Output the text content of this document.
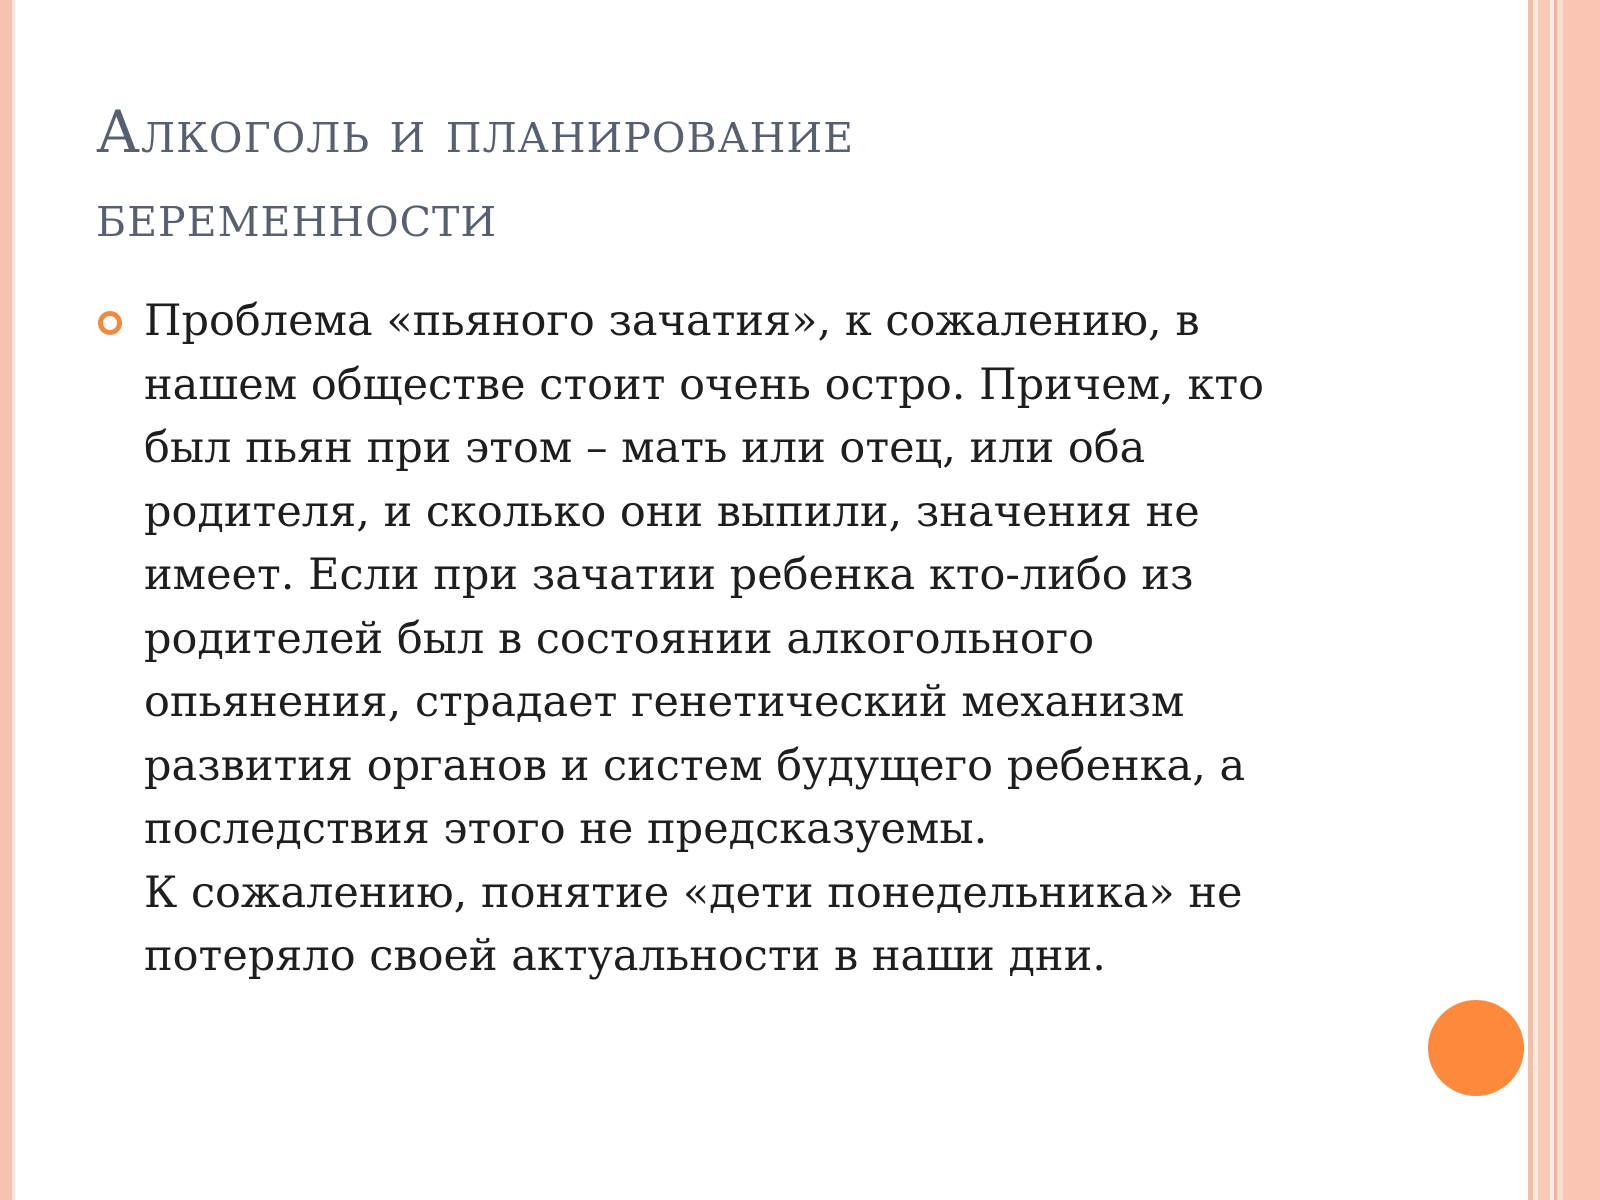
Алкоголь и планирование
беременности
Проблема «пьяного зачатия», к сожалению, в
нашем обществе стоит очень остро. Причем, кто
был пьян при этом – мать или отец, или оба
родителя, и сколько они выпили, значения не
имеет. Если при зачатии ребенка кто-либо из
родителей был в состоянии алкогольного
опьянения, страдает генетический механизм
развития органов и систем будущего ребенка, а
последствия этого не предсказуемы.
К сожалению, понятие «дети понедельника» не
потеряло своей актуальности в наши дни.
